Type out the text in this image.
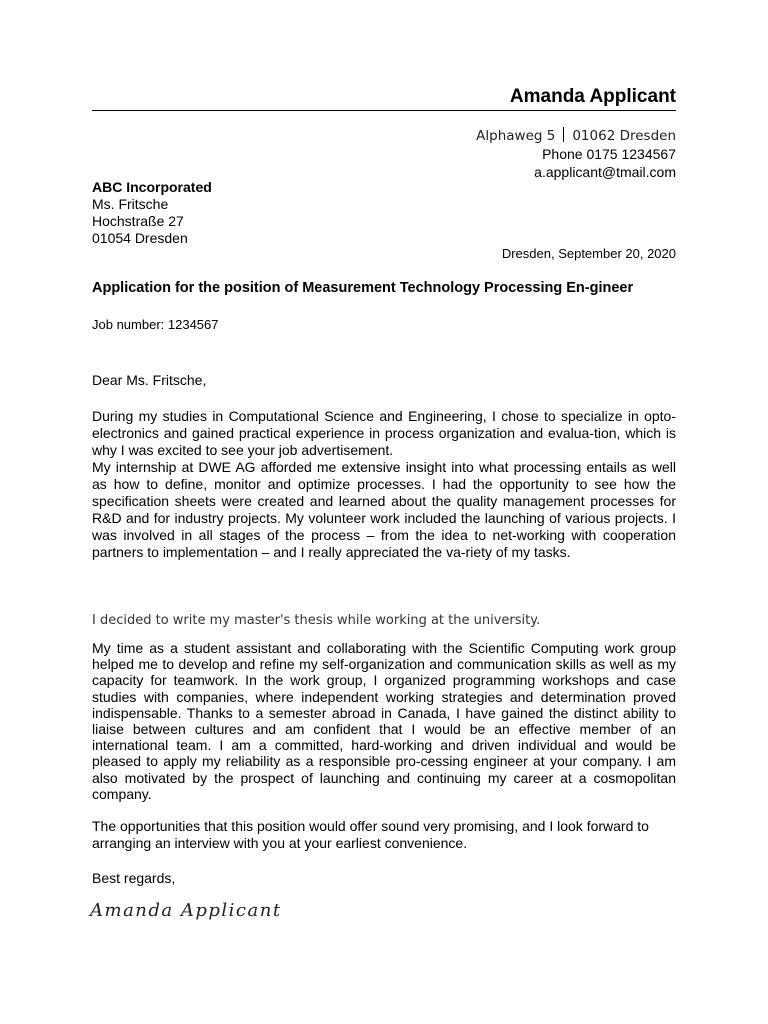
Amanda Applicant
Alphaweg 5 01062 Dresden
Phone 0175 1234567
a.applicant@tmail.com
ABC Incorporated
Ms. Fritsche
Hochstraße 27
01054 Dresden
Dresden, September 20, 2020
Application for the position of Measurement Technology Processing En-gineer
Job number: 1234567
Dear Ms. Fritsche,

During my studies in Computational Science and Engineering, I chose to specialize in opto-electronics and gained practical experience in process organization and evalua-tion, which is why I was excited to see your job advertisement.

My internship at DWE AG afforded me extensive insight into what processing entails as well as how to define, monitor and optimize processes. I had the opportunity to see how the specification sheets were created and learned about the quality management processes for R&D and for industry projects. My volunteer work included the launching of various projects. I was involved in all stages of the process – from the idea to net-working with cooperation partners to implementation – and I really appreciated the va-riety of my tasks.

I decided to write my master's thesis while working at the university.
My time as a student assistant and collaborating with the Scientific Computing work group helped me to develop and refine my self-organization and communication skills as well as my capacity for teamwork. In the work group, I organized programming workshops and case studies with companies, where independent working strategies and determination proved indispensable. Thanks to a semester abroad in Canada, I have gained the distinct ability to liaise between cultures and am confident that I would be an effective member of an international team. I am a committed, hard-working and driven individual and would be pleased to apply my reliability as a responsible pro-cessing engineer at your company. I am also motivated by the prospect of launching and continuing my career at a cosmopolitan company.
The opportunities that this position would offer sound very promising, and I look forward to arranging an interview with you at your earliest convenience.
Best regards,
Amanda Applicant
